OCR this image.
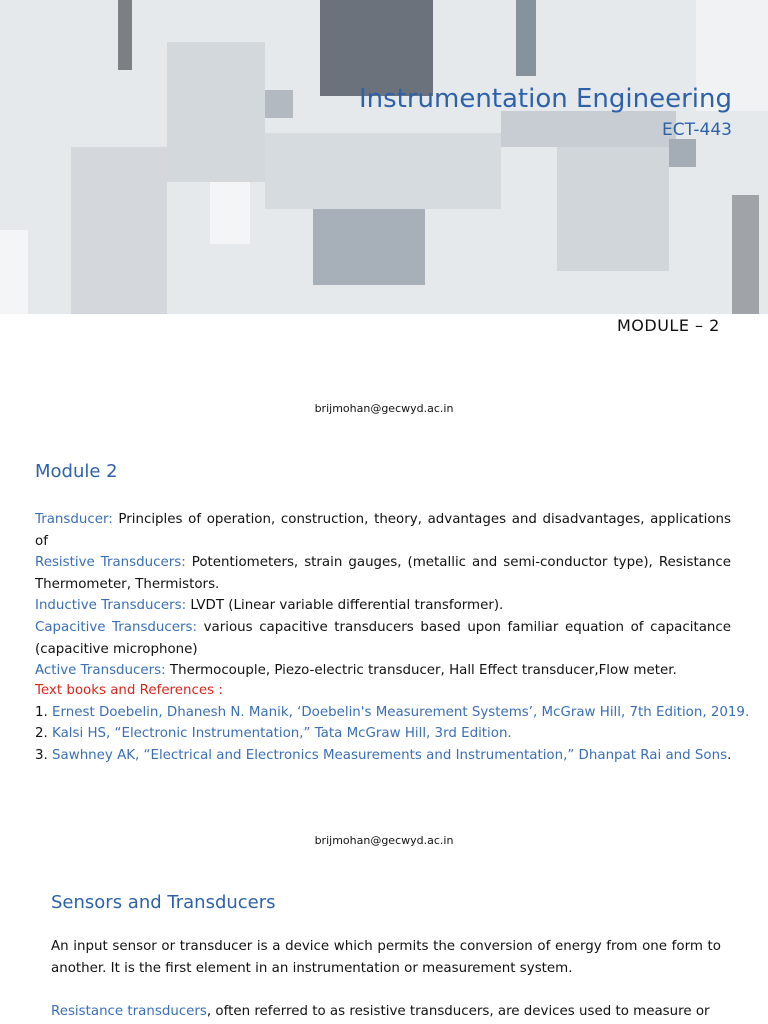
Instrumentation Engineering
ECT-443
MODULE – 2
brijmohan@gecwyd.ac.in
Module 2

Transducer: Principles of operation, construction, theory, advantages and disadvantages, applications of
Resistive Transducers: Potentiometers, strain gauges, (metallic and semi-conductor type), Resistance Thermometer, Thermistors.
Inductive Transducers: LVDT (Linear variable differential transformer).
Capacitive Transducers: various capacitive transducers based upon familiar equation of capacitance (capacitive microphone)
Active Transducers: Thermocouple, Piezo-electric transducer, Hall Effect transducer,Flow meter.

Text books and References :
1. Ernest Doebelin, Dhanesh N. Manik, ‘Doebelin's Measurement Systems’, McGraw Hill, 7th Edition, 2019.
2. Kalsi HS, “Electronic Instrumentation,” Tata McGraw Hill, 3rd Edition.
3. Sawhney AK, “Electrical and Electronics Measurements and Instrumentation,” Dhanpat Rai and Sons.
brijmohan@gecwyd.ac.in
Sensors and Transducers

An input sensor or transducer is a device which permits the conversion of energy from one form to another. It is the first element in an instrumentation or measurement system.

Resistance transducers, often referred to as resistive transducers, are devices used to measure or
